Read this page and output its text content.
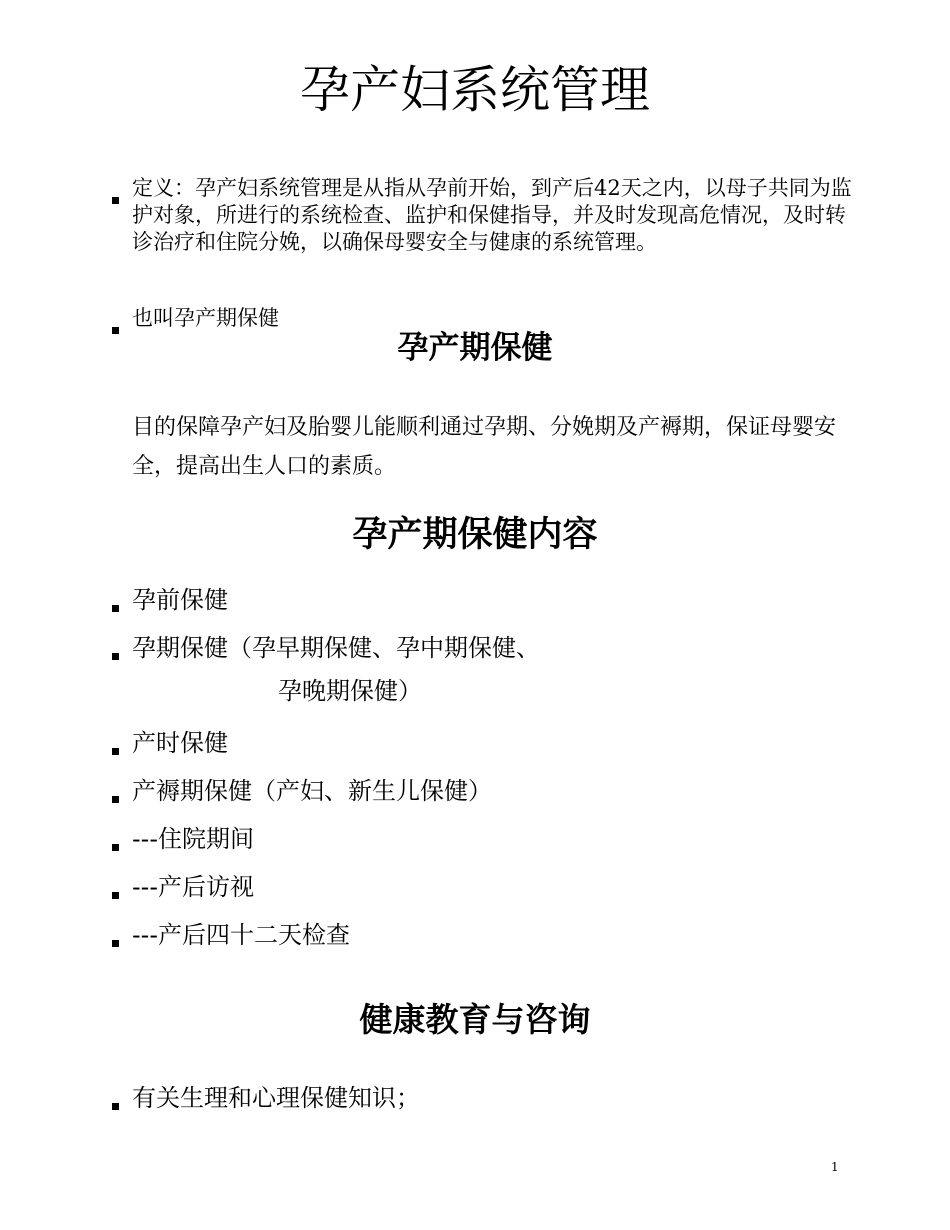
孕产妇系统管理
定义：孕产妇系统管理是从指从孕前开始，到产后42天之内，以母子共同为监护对象，所进行的系统检查、监护和保健指导，并及时发现高危情况，及时转诊治疗和住院分娩，以确保母婴安全与健康的系统管理。
也叫孕产期保健
孕产期保健
目的保障孕产妇及胎婴儿能顺利通过孕期、分娩期及产褥期，保证母婴安全，提高出生人口的素质。
孕产期保健内容
孕前保健
孕期保健（孕早期保健、孕中期保健、
孕晚期保健）
产时保健
产褥期保健（产妇、新生儿保健）
---住院期间
---产后访视
---产后四十二天检查
健康教育与咨询
有关生理和心理保健知识；
1
